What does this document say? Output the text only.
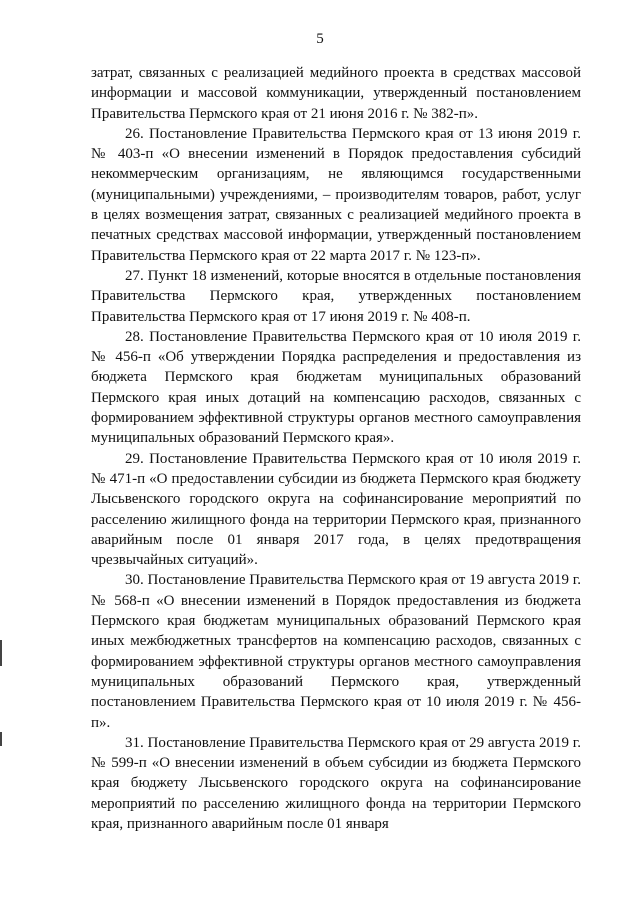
5

затрат, связанных с реализацией медийного проекта в средствах массовой информации и массовой коммуникации, утвержденный постановлением Правительства Пермского края от 21 июня 2016 г. № 382-п».

26. Постановление Правительства Пермского края от 13 июня 2019 г. № 403-п «О внесении изменений в Порядок предоставления субсидий некоммерческим организациям, не являющимся государственными (муниципальными) учреждениями, – производителям товаров, работ, услуг в целях возмещения затрат, связанных с реализацией медийного проекта в печатных средствах массовой информации, утвержденный постановлением Правительства Пермского края от 22 марта 2017 г. № 123-п».

27. Пункт 18 изменений, которые вносятся в отдельные постановления Правительства Пермского края, утвержденных постановлением Правительства Пермского края от 17 июня 2019 г. № 408-п.

28. Постановление Правительства Пермского края от 10 июля 2019 г. № 456-п «Об утверждении Порядка распределения и предоставления из бюджета Пермского края бюджетам муниципальных образований Пермского края иных дотаций на компенсацию расходов, связанных с формированием эффективной структуры органов местного самоуправления муниципальных образований Пермского края».

29. Постановление Правительства Пермского края от 10 июля 2019 г. № 471-п «О предоставлении субсидии из бюджета Пермского края бюджету Лысьвенского городского округа на софинансирование мероприятий по расселению жилищного фонда на территории Пермского края, признанного аварийным после 01 января 2017 года, в целях предотвращения чрезвычайных ситуаций».

30. Постановление Правительства Пермского края от 19 августа 2019 г. № 568-п «О внесении изменений в Порядок предоставления из бюджета Пермского края бюджетам муниципальных образований Пермского края иных межбюджетных трансфертов на компенсацию расходов, связанных с формированием эффективной структуры органов местного самоуправления муниципальных образований Пермского края, утвержденный постановлением Правительства Пермского края от 10 июля 2019 г. № 456-п».

31. Постановление Правительства Пермского края от 29 августа 2019 г. № 599-п «О внесении изменений в объем субсидии из бюджета Пермского края бюджету Лысьвенского городского округа на софинансирование мероприятий по расселению жилищного фонда на территории Пермского края, признанного аварийным после 01 января
